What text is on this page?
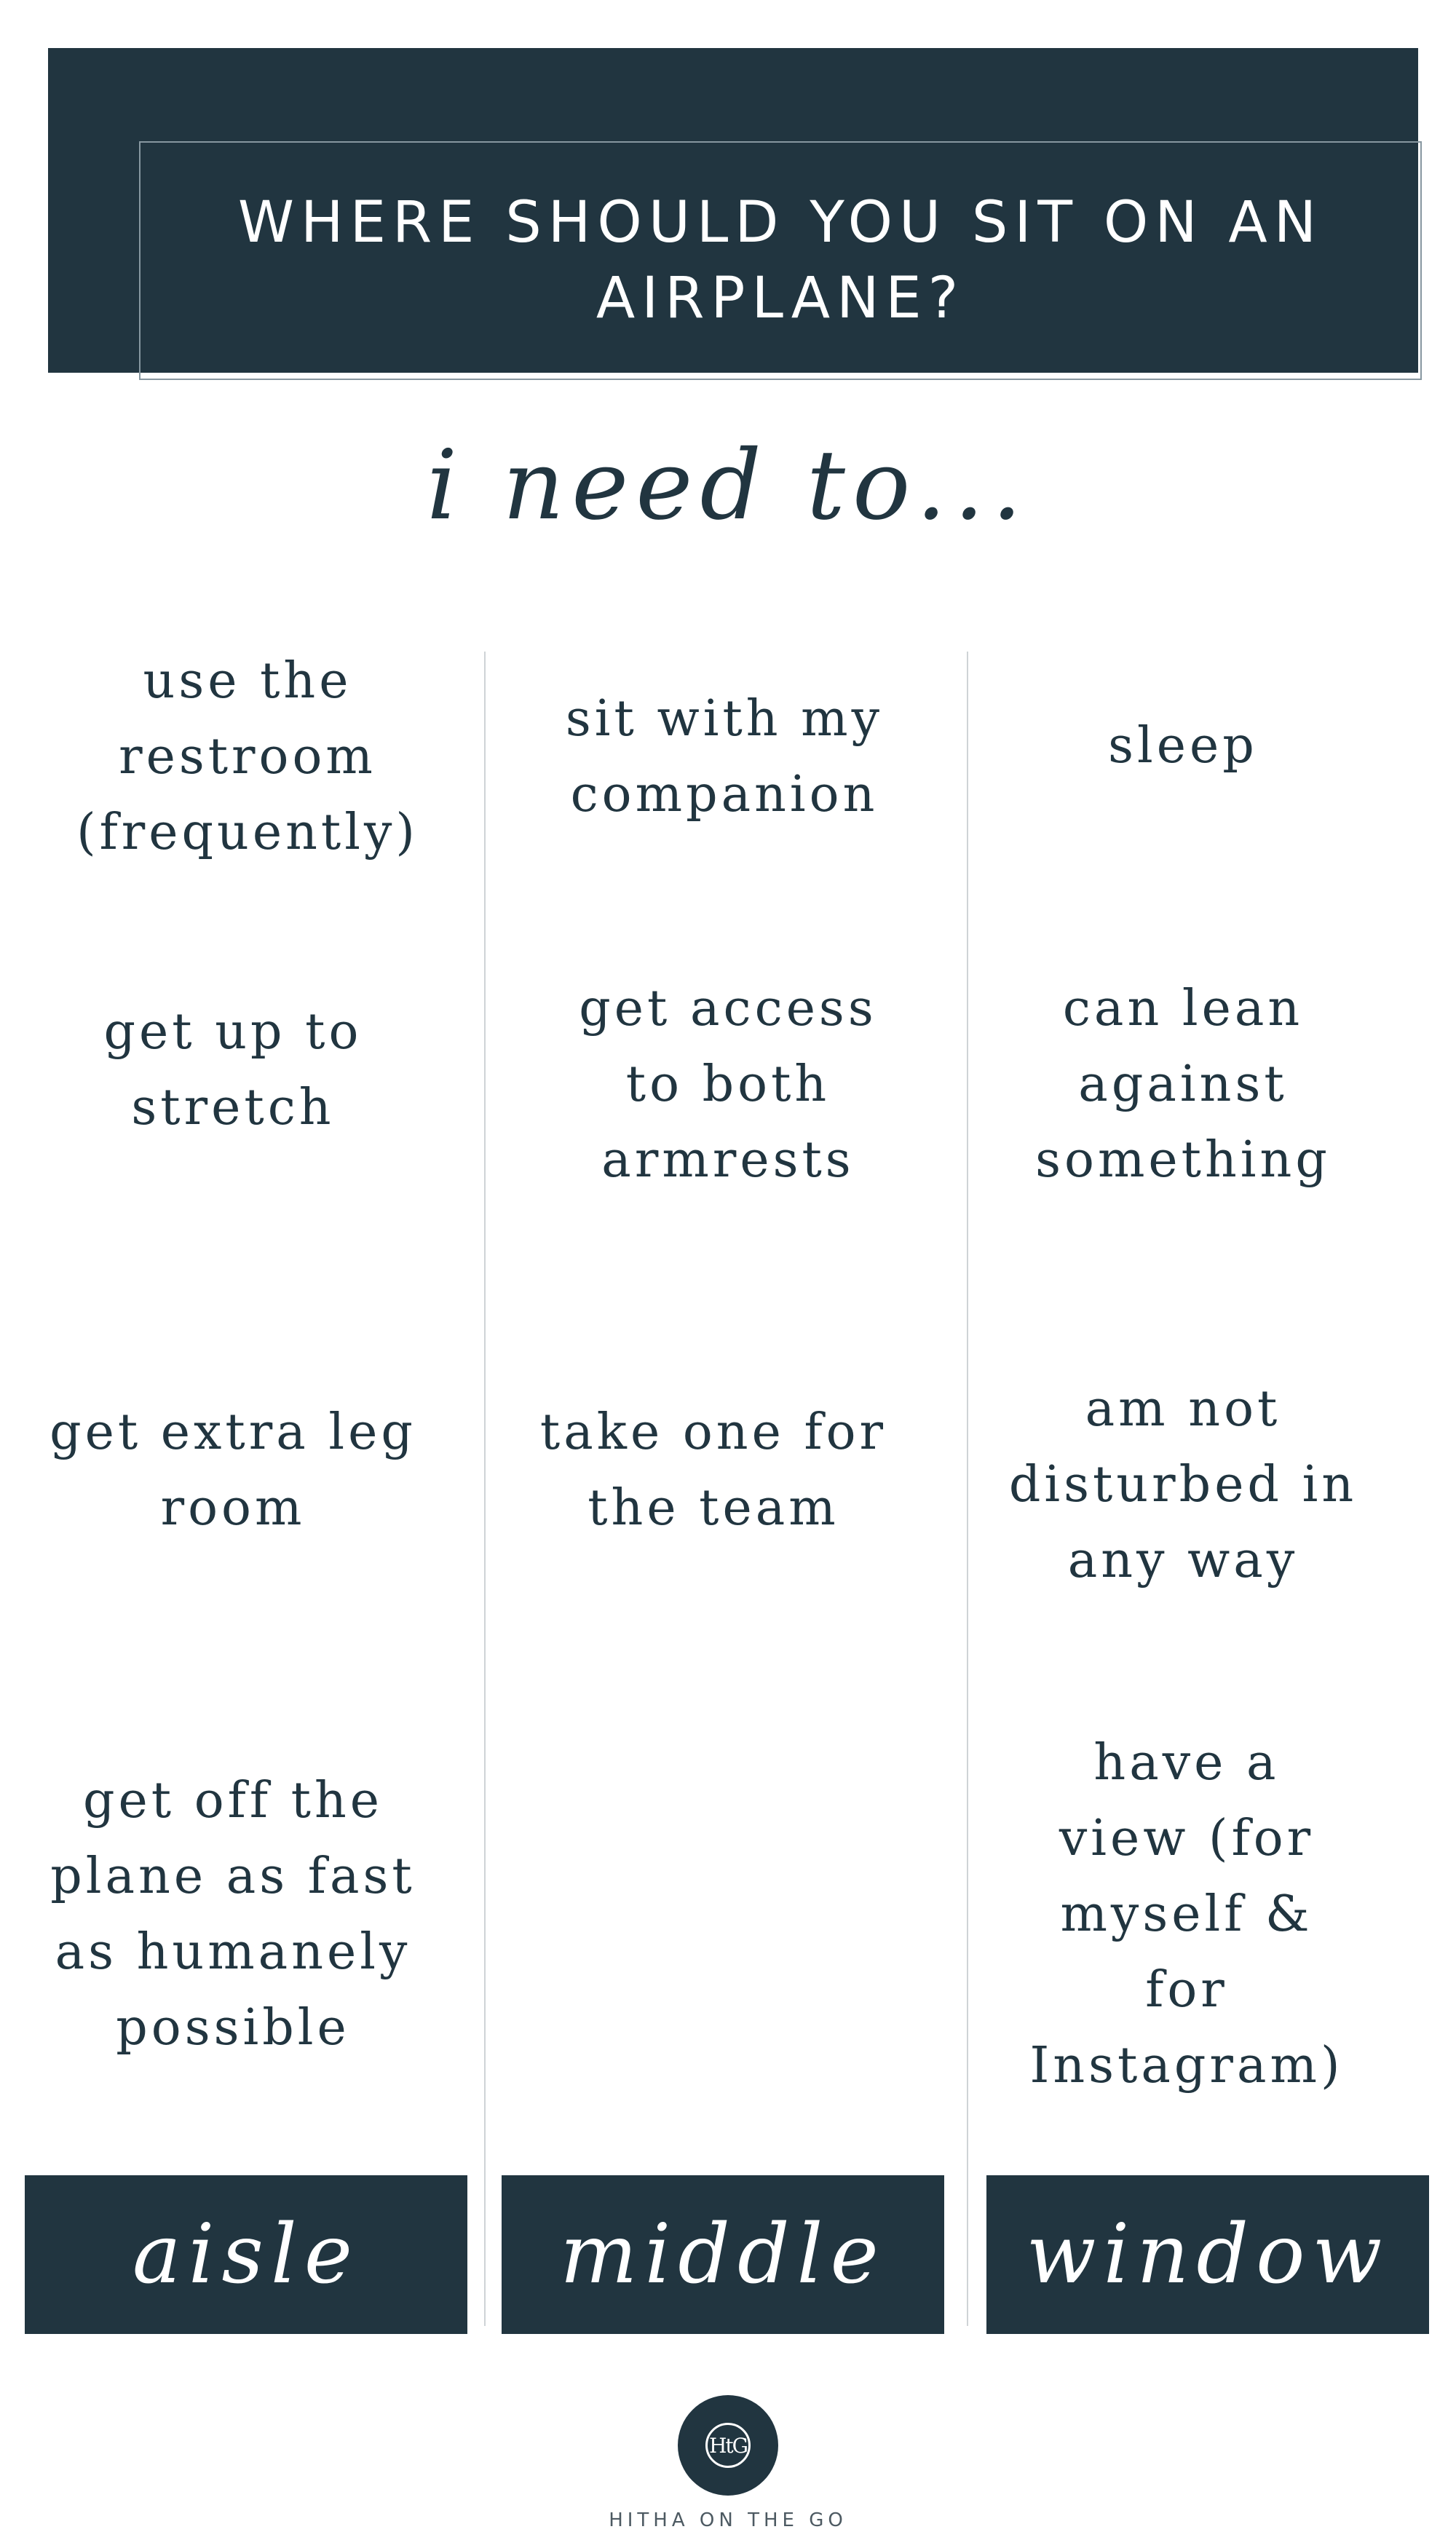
WHERE SHOULD YOU SIT ON AN AIRPLANE?
i need to...
use the restroom (frequently)
get up to stretch
get extra leg room
get off the plane as fast as humanely possible
sit with my companion
get access to both armrests
take one for the team
sleep
can lean against something
am not disturbed in any way
have a view (for myself & for Instagram)
aisle	middle	window
HtG
HITHA ON THE GO
